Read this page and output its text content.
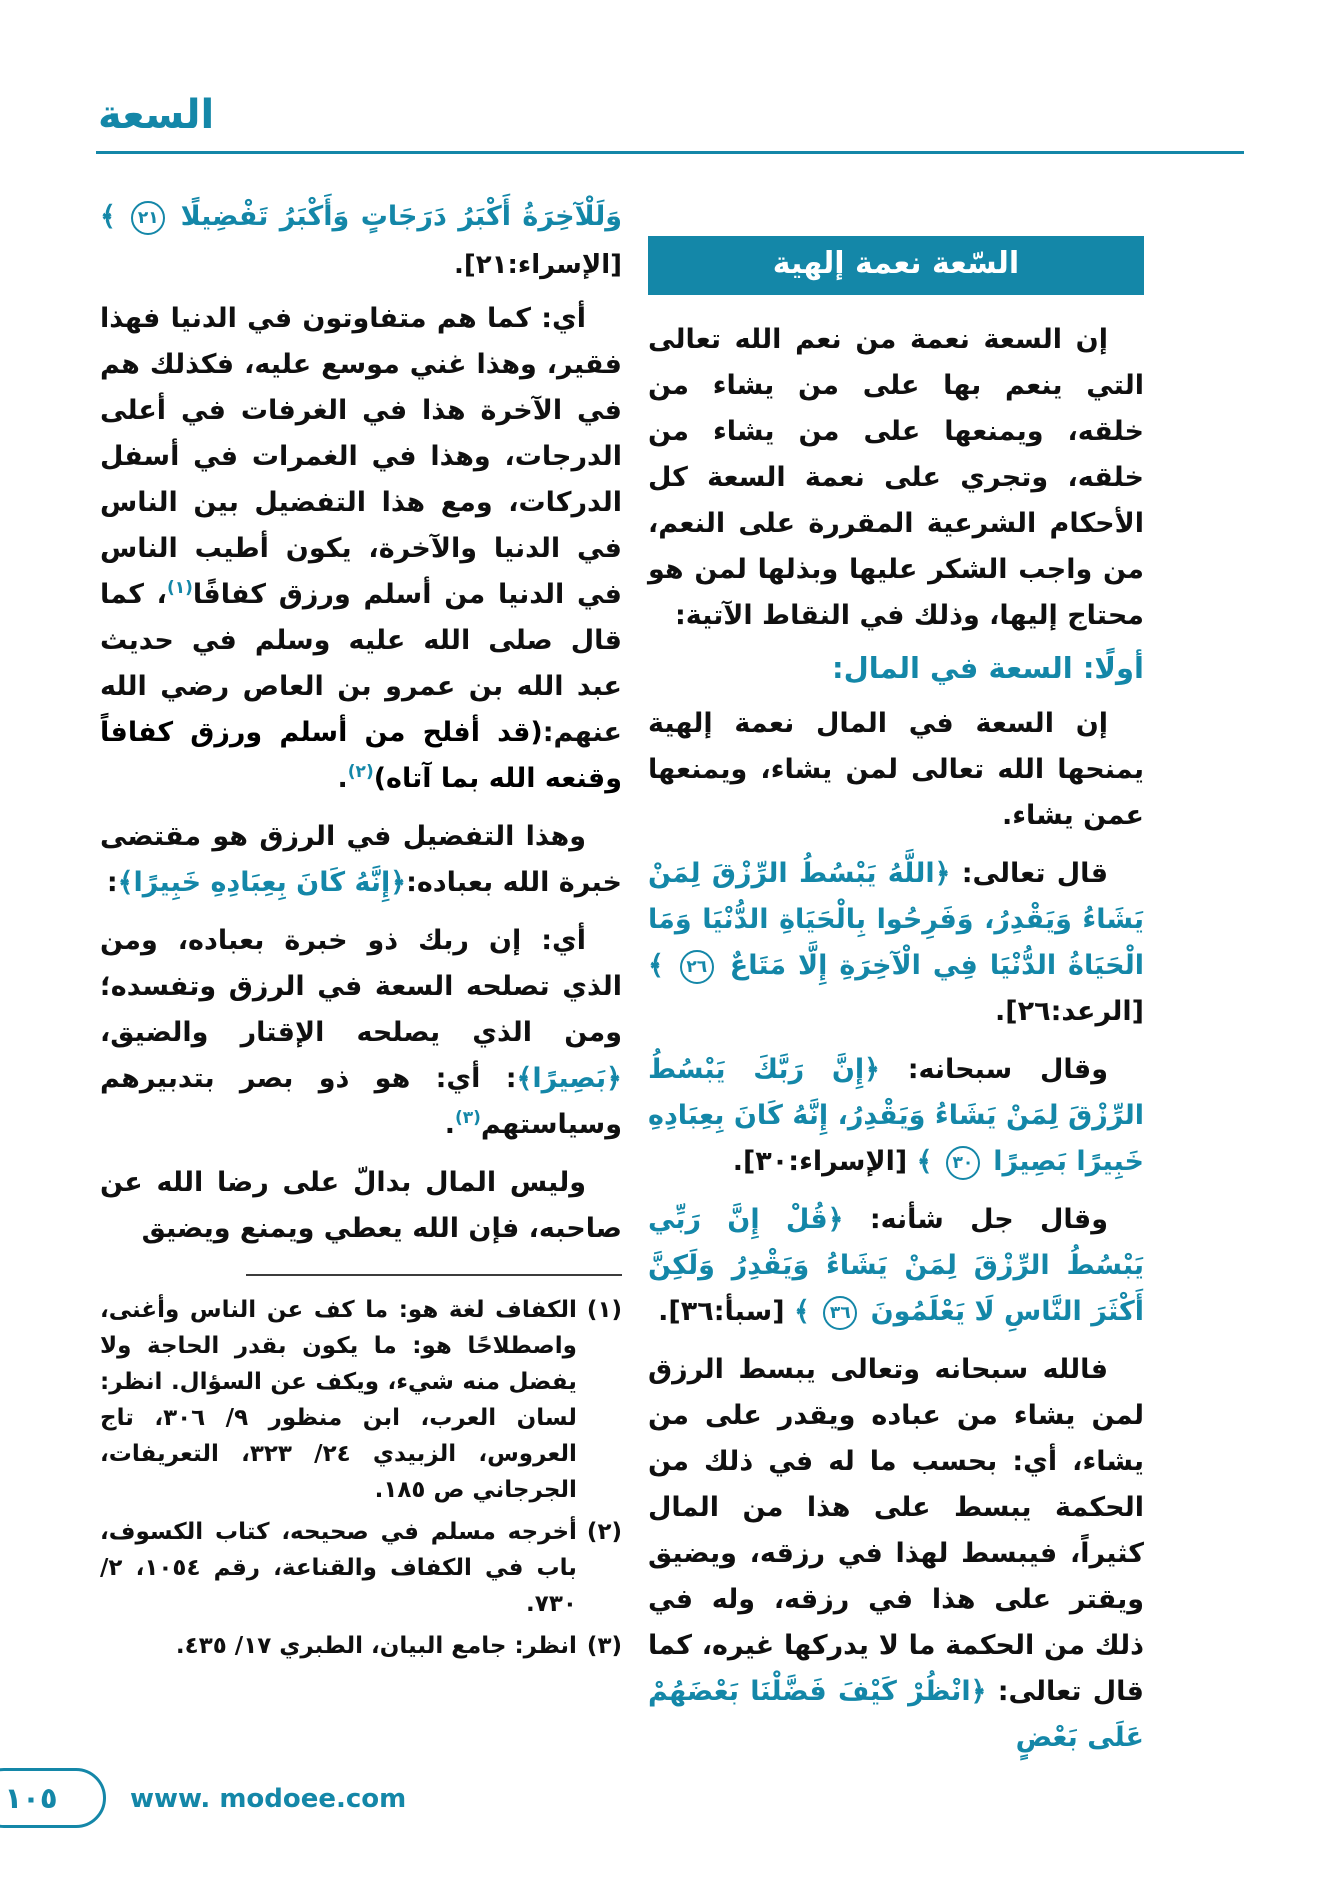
السعة
السّعة نعمة إلهية

إن السعة نعمة من نعم الله تعالى التي ينعم بها على من يشاء من خلقه، ويمنعها على من يشاء من خلقه، وتجري على نعمة السعة كل الأحكام الشرعية المقررة على النعم، من واجب الشكر عليها وبذلها لمن هو محتاج إليها، وذلك في النقاط الآتية:

أولًا: السعة في المال:

إن السعة في المال نعمة إلهية يمنحها الله تعالى لمن يشاء، ويمنعها عمن يشاء.

قال تعالى: ﴿اللَّهُ يَبْسُطُ الرِّزْقَ لِمَنْ يَشَاءُ وَيَقْدِرُ، وَفَرِحُوا بِالْحَيَاةِ الدُّنْيَا وَمَا الْحَيَاةُ الدُّنْيَا فِي الْآخِرَةِ إِلَّا مَتَاعٌ ٢٦ ﴾ [الرعد:٢٦].

وقال سبحانه: ﴿إِنَّ رَبَّكَ يَبْسُطُ الرِّزْقَ لِمَنْ يَشَاءُ وَيَقْدِرُ، إِنَّهُ كَانَ بِعِبَادِهِ خَبِيرًا بَصِيرًا ٣٠ ﴾ [الإسراء:٣٠].

وقال جل شأنه: ﴿قُلْ إِنَّ رَبِّي يَبْسُطُ الرِّزْقَ لِمَنْ يَشَاءُ وَيَقْدِرُ وَلَكِنَّ أَكْثَرَ النَّاسِ لَا يَعْلَمُونَ ٣٦ ﴾ [سبأ:٣٦].

فالله سبحانه وتعالى يبسط الرزق لمن يشاء من عباده ويقدر على من يشاء، أي: بحسب ما له في ذلك من الحكمة يبسط على هذا من المال كثيراً، فيبسط لهذا في رزقه، ويضيق ويقتر على هذا في رزقه، وله في ذلك من الحكمة ما لا يدركها غيره، كما قال تعالى: ﴿انْظُرْ كَيْفَ فَضَّلْنَا بَعْضَهُمْ عَلَى بَعْضٍ

وَلَلْآخِرَةُ أَكْبَرُ دَرَجَاتٍ وَأَكْبَرُ تَفْضِيلًا ٢١ ﴾

[الإسراء:٢١].

أي: كما هم متفاوتون في الدنيا فهذا فقير، وهذا غني موسع عليه، فكذلك هم في الآخرة هذا في الغرفات في أعلى الدرجات، وهذا في الغمرات في أسفل الدركات، ومع هذا التفضيل بين الناس في الدنيا والآخرة، يكون أطيب الناس في الدنيا من أسلم ورزق كفافًا$^{(١)}$، كما قال صلى الله عليه وسلم في حديث عبد الله بن عمرو بن العاص رضي الله عنهم:(قد أفلح من أسلم ورزق كفافاً وقنعه الله بما آتاه)$^{(٢)}$.

وهذا التفضيل في الرزق هو مقتضى خبرة الله بعباده:﴿إِنَّهُ كَانَ بِعِبَادِهِ خَبِيرًا﴾:

أي: إن ربك ذو خبرة بعباده، ومن الذي تصلحه السعة في الرزق وتفسده؛ ومن الذي يصلحه الإقتار والضيق، ﴿بَصِيرًا﴾: أي: هو ذو بصر بتدبيرهم وسياستهم$^{(٣)}$.

وليس المال بدالّ على رضا الله عن صاحبه، فإن الله يعطي ويمنع ويضيق

(١)
الكفاف لغة هو: ما كف عن الناس وأغنى، واصطلاحًا هو: ما يكون بقدر الحاجة ولا يفضل منه شيء، ويكف عن السؤال. انظر: لسان العرب، ابن منظور ٩/ ٣٠٦، تاج العروس، الزبيدي ٢٤/ ٣٢٣، التعريفات، الجرجاني ص ١٨٥.
(٢)
أخرجه مسلم في صحيحه، كتاب الكسوف، باب في الكفاف والقناعة، رقم ١٠٥٤، ٢/ ٧٣٠.
(٣)
انظر: جامع البيان، الطبري ١٧/ ٤٣٥.
١٠٥	www. modoee.com
